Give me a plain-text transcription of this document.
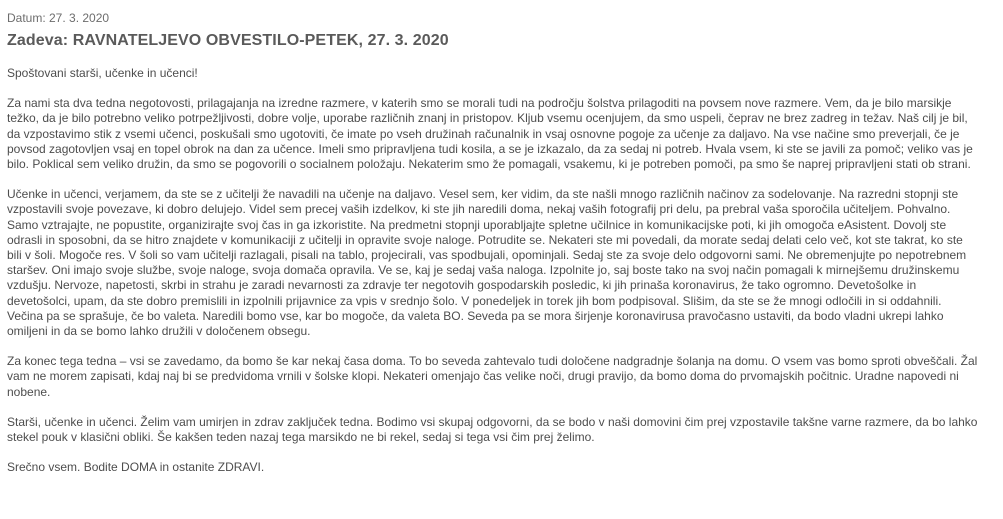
Datum: 27. 3. 2020
Zadeva: RAVNATELJEVO OBVESTILO-PETEK, 27. 3. 2020
Spoštovani starši, učenke in učenci!
Za nami sta dva tedna negotovosti, prilagajanja na izredne razmere, v katerih smo se morali tudi na področju šolstva prilagoditi na povsem nove razmere. Vem, da je bilo marsikje težko, da je bilo potrebno veliko potrpežljivosti, dobre volje, uporabe različnih znanj in pristopov. Kljub vsemu ocenjujem, da smo uspeli, čeprav ne brez zadreg in težav. Naš cilj je bil, da vzpostavimo stik z vsemi učenci, poskušali smo ugotoviti, če imate po vseh družinah računalnik in vsaj osnovne pogoje za učenje za daljavo. Na vse načine smo preverjali, če je povsod zagotovljen vsaj en topel obrok na dan za učence. Imeli smo pripravljena tudi kosila, a se je izkazalo, da za sedaj ni potreb. Hvala vsem, ki ste se javili za pomoč; veliko vas je bilo. Poklical sem veliko družin, da smo se pogovorili o socialnem položaju. Nekaterim smo že pomagali, vsakemu, ki je potreben pomoči, pa smo še naprej pripravljeni stati ob strani.
Učenke in učenci, verjamem, da ste se z učitelji že navadili na učenje na daljavo. Vesel sem, ker vidim, da ste našli mnogo različnih načinov za sodelovanje. Na razredni stopnji ste vzpostavili svoje povezave, ki dobro delujejo. Videl sem precej vaših izdelkov, ki ste jih naredili doma, nekaj vaših fotografij pri delu, pa prebral vaša sporočila učiteljem. Pohvalno. Samo vztrajajte, ne popustite, organizirajte svoj čas in ga izkoristite. Na predmetni stopnji uporabljajte spletne učilnice in komunikacijske poti, ki jih omogoča eAsistent. Dovolj ste odrasli in sposobni, da se hitro znajdete v komunikaciji z učitelji in opravite svoje naloge. Potrudite se. Nekateri ste mi povedali, da morate sedaj delati celo več, kot ste takrat, ko ste bili v šoli. Mogoče res. V šoli so vam učitelji razlagali, pisali na tablo, projecirali, vas spodbujali, opominjali. Sedaj ste za svoje delo odgovorni sami. Ne obremenjujte po nepotrebnem staršev. Oni imajo svoje službe, svoje naloge, svoja domača opravila. Ve se, kaj je sedaj vaša naloga. Izpolnite jo, saj boste tako na svoj način pomagali k mirnejšemu družinskemu vzdušju. Nervoze, napetosti, skrbi in strahu je zaradi nevarnosti za zdravje ter negotovih gospodarskih posledic, ki jih prinaša koronavirus, že tako ogromno. Devetošolke in devetošolci, upam, da ste dobro premislili in izpolnili prijavnice za vpis v srednjo šolo. V ponedeljek in torek jih bom podpisoval. Slišim, da ste se že mnogi odločili in si oddahnili. Večina pa se sprašuje, če bo valeta. Naredili bomo vse, kar bo mogoče, da valeta BO. Seveda pa se mora širjenje koronavirusa pravočasno ustaviti, da bodo vladni ukrepi lahko omiljeni in da se bomo lahko družili v določenem obsegu.
Za konec tega tedna – vsi se zavedamo, da bomo še kar nekaj časa doma. To bo seveda zahtevalo tudi določene nadgradnje šolanja na domu. O vsem vas bomo sproti obveščali. Žal vam ne morem zapisati, kdaj naj bi se predvidoma vrnili v šolske klopi. Nekateri omenjajo čas velike noči, drugi pravijo, da bomo doma do prvomajskih počitnic. Uradne napovedi ni nobene.
Starši, učenke in učenci. Želim vam umirjen in zdrav zaključek tedna. Bodimo vsi skupaj odgovorni, da se bodo v naši domovini čim prej vzpostavile takšne varne razmere, da bo lahko stekel pouk v klasični obliki. Še kakšen teden nazaj tega marsikdo ne bi rekel, sedaj si tega vsi čim prej želimo.
Srečno vsem. Bodite DOMA in ostanite ZDRAVI.
